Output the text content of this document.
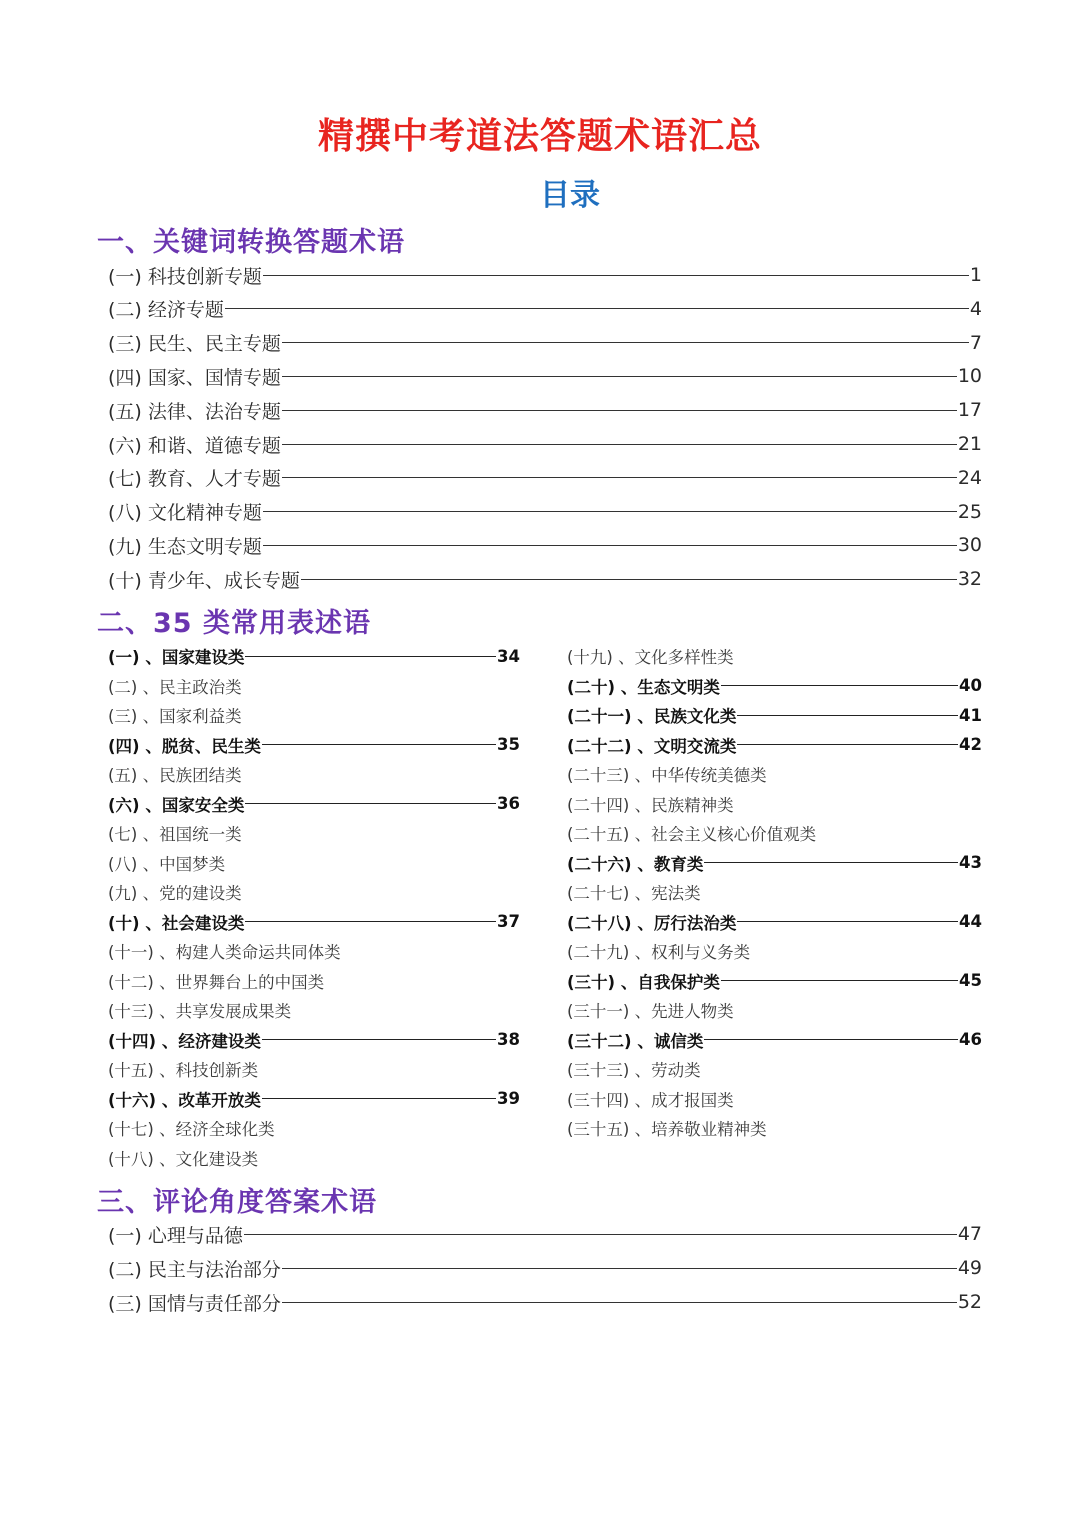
精撰中考道法答题术语汇总
目录
一、关键词转换答题术语
(一) 科技创新专题	1
(二) 经济专题	4
(三) 民生、民主专题	7
(四) 国家、国情专题	10
(五) 法律、法治专题	17
(六) 和谐、道德专题	21
(七) 教育、人才专题	24
(八) 文化精神专题	25
(九) 生态文明专题	30
(十) 青少年、成长专题	32
二、35 类常用表述语
(一) 、国家建设类	34
(二) 、民主政治类
(三) 、国家利益类
(四) 、脱贫、民生类	35
(五) 、民族团结类
(六) 、国家安全类	36
(七) 、祖国统一类
(八) 、中国梦类
(九) 、党的建设类
(十) 、社会建设类	37
(十一) 、构建人类命运共同体类
(十二) 、世界舞台上的中国类
(十三) 、共享发展成果类
(十四) 、经济建设类	38
(十五) 、科技创新类
(十六) 、改革开放类	39
(十七) 、经济全球化类
(十八) 、文化建设类
(十九) 、文化多样性类
(二十) 、生态文明类	40
(二十一) 、民族文化类	41
(二十二) 、文明交流类	42
(二十三) 、中华传统美德类
(二十四) 、民族精神类
(二十五) 、社会主义核心价值观类
(二十六) 、教育类	43
(二十七) 、宪法类
(二十八) 、厉行法治类	44
(二十九) 、权利与义务类
(三十) 、自我保护类	45
(三十一) 、先进人物类
(三十二) 、诚信类	46
(三十三) 、劳动类
(三十四) 、成才报国类
(三十五) 、培养敬业精神类
三、评论角度答案术语
(一) 心理与品德	47
(二) 民主与法治部分	49
(三) 国情与责任部分	52
